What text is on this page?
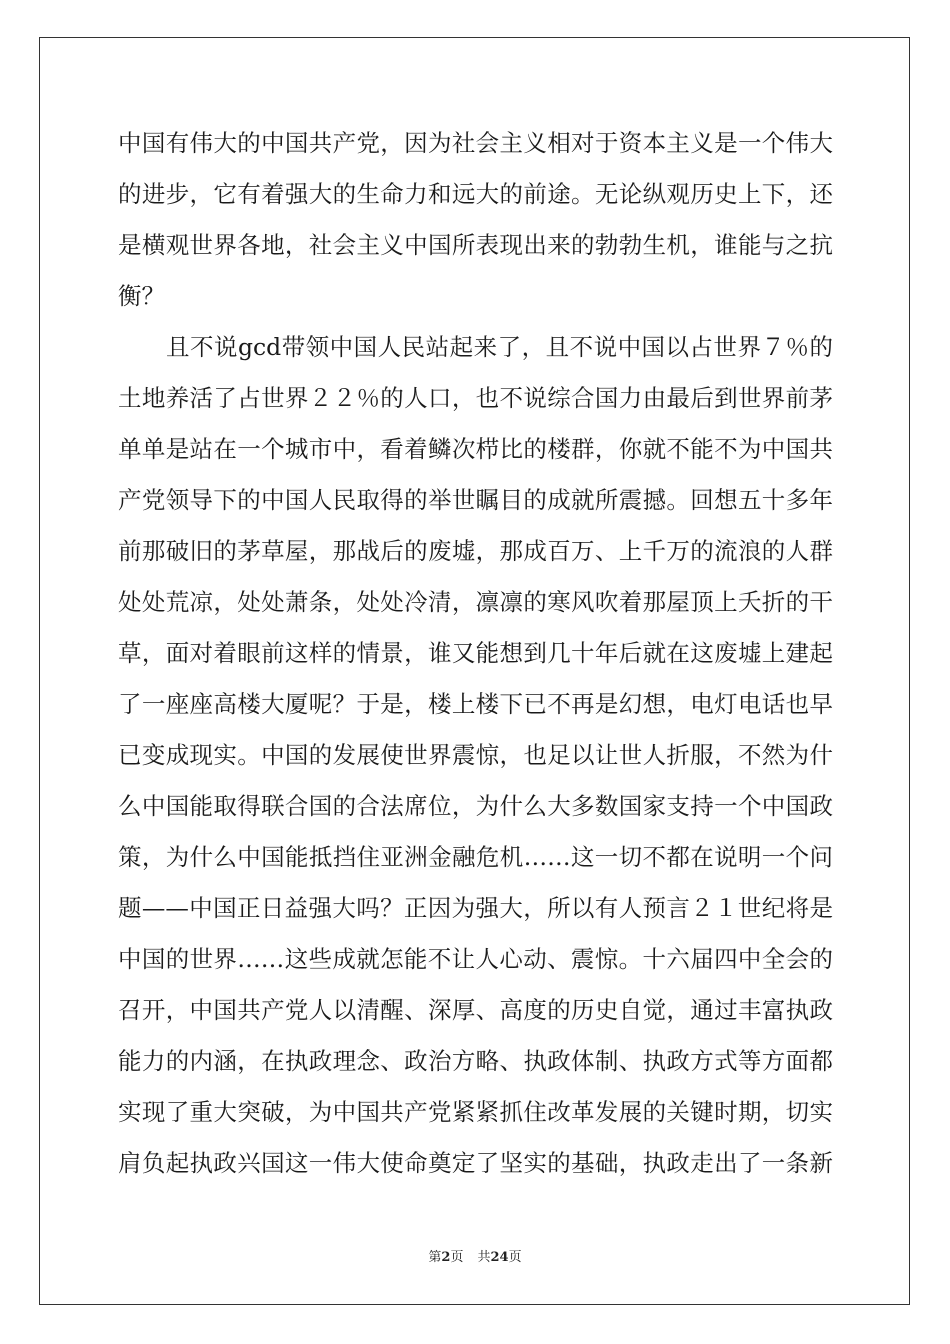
中国有伟大的中国共产党，因为社会主义相对于资本主义是一个伟大
的进步，它有着强大的生命力和远大的前途。无论纵观历史上下，还
是横观世界各地，社会主义中国所表现出来的勃勃生机，谁能与之抗
衡？
　　且不说gcd带领中国人民站起来了，且不说中国以占世界７％的
土地养活了占世界２２％的人口，也不说综合国力由最后到世界前茅
单单是站在一个城市中，看着鳞次栉比的楼群，你就不能不为中国共
产党领导下的中国人民取得的举世瞩目的成就所震撼。回想五十多年
前那破旧的茅草屋，那战后的废墟，那成百万、上千万的流浪的人群
处处荒凉，处处萧条，处处冷清，凛凛的寒风吹着那屋顶上夭折的干
草，面对着眼前这样的情景，谁又能想到几十年后就在这废墟上建起
了一座座高楼大厦呢？于是，楼上楼下已不再是幻想，电灯电话也早
已变成现实。中国的发展使世界震惊，也足以让世人折服，不然为什
么中国能取得联合国的合法席位，为什么大多数国家支持一个中国政
策，为什么中国能抵挡住亚洲金融危机……这一切不都在说明一个问
题——中国正日益强大吗？正因为强大，所以有人预言２１世纪将是
中国的世界……这些成就怎能不让人心动、震惊。十六届四中全会的
召开，中国共产党人以清醒、深厚、高度的历史自觉，通过丰富执政
能力的内涵，在执政理念、政治方略、执政体制、执政方式等方面都
实现了重大突破，为中国共产党紧紧抓住改革发展的关键时期，切实
肩负起执政兴国这一伟大使命奠定了坚实的基础，执政走出了一条新
第2页 共24页
